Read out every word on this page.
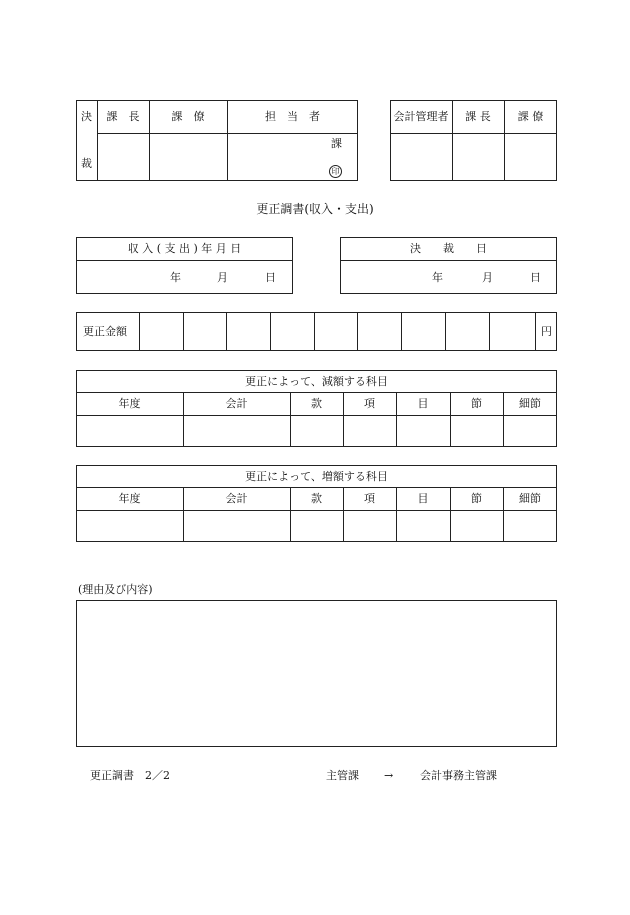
決
裁
課　長	課　僚	担　当　者
課
印
会計管理者	課 長	課 僚
更正調書(収入・支出)
収 入 ( 支 出 ) 年 月 日
年	月	日
決　　裁　　日
年	月	日
更正金額	円
更正によって、減額する科目
年度	会計	款	項	目	節	細節
更正によって、増額する科目
年度	会計	款	項	目	節	細節
(理由及び内容)
更正調書　2／2	主管課 → 会計事務主管課
